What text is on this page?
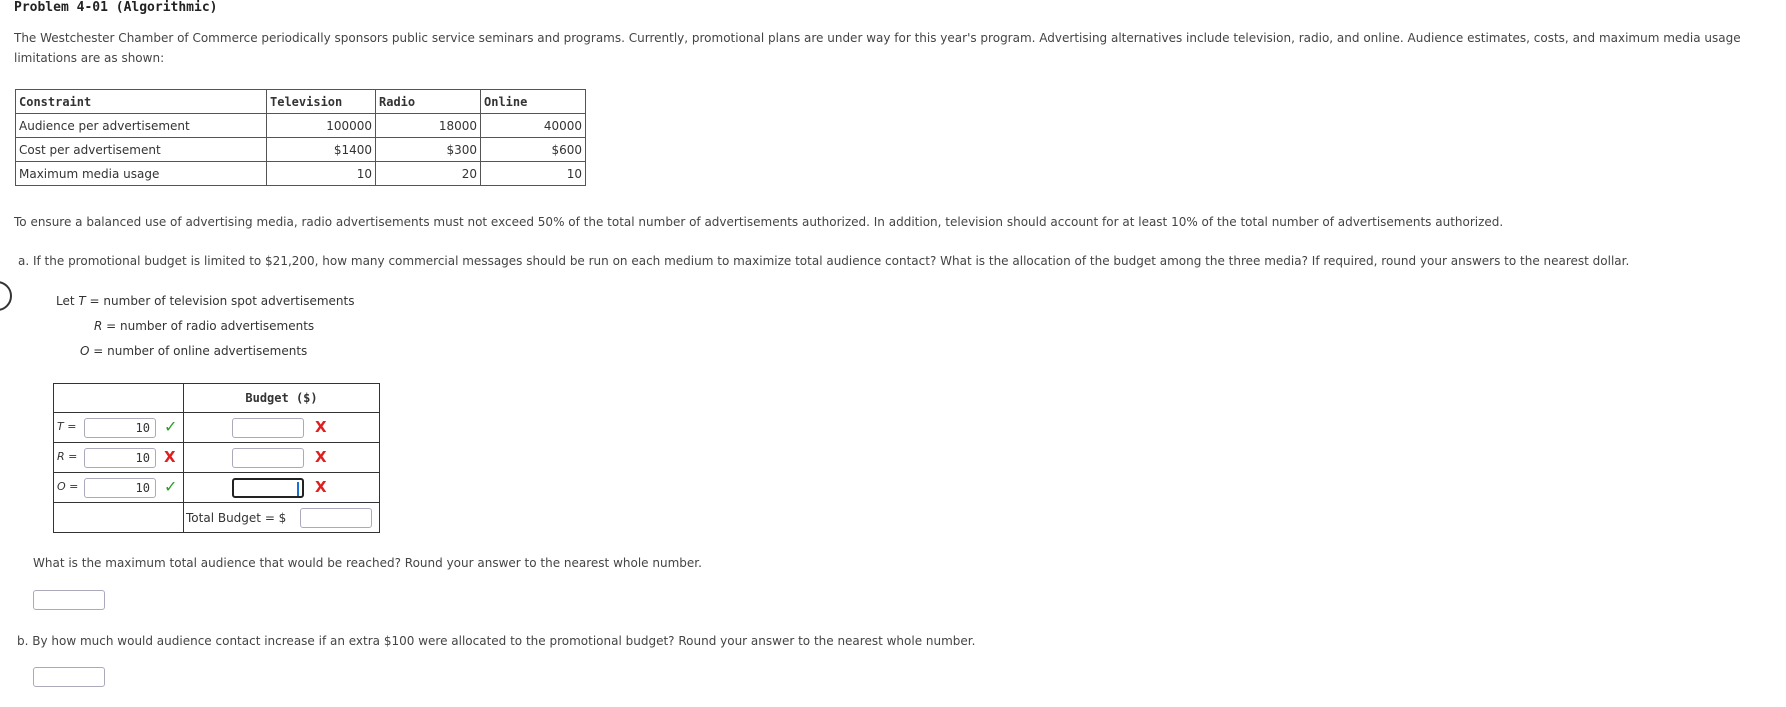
Problem 4-01 (Algorithmic)
The Westchester Chamber of Commerce periodically sponsors public service seminars and programs. Currently, promotional plans are under way for this year's program. Advertising alternatives include television, radio, and online. Audience estimates, costs, and maximum media usage limitations are as shown:
Constraint	Television	Radio	Online
Audience per advertisement	100000	18000	40000
Cost per advertisement	$1400	$300	$600
Maximum media usage	10	20	10
To ensure a balanced use of advertising media, radio advertisements must not exceed 50% of the total number of advertisements authorized. In addition, television should account for at least 10% of the total number of advertisements authorized.
a. If the promotional budget is limited to $21,200, how many commercial messages should be run on each medium to maximize total audience contact? What is the allocation of the budget among the three media? If required, round your answers to the nearest dollar.
Let T = number of television spot advertisements
R = number of radio advertisements
O = number of online advertisements
	Budget ($)

T = 10 ✓	X

R = 10 X	X

O = 10 ✓	X

	Total Budget = $
What is the maximum total audience that would be reached? Round your answer to the nearest whole number.
b. By how much would audience contact increase if an extra $100 were allocated to the promotional budget? Round your answer to the nearest whole number.
